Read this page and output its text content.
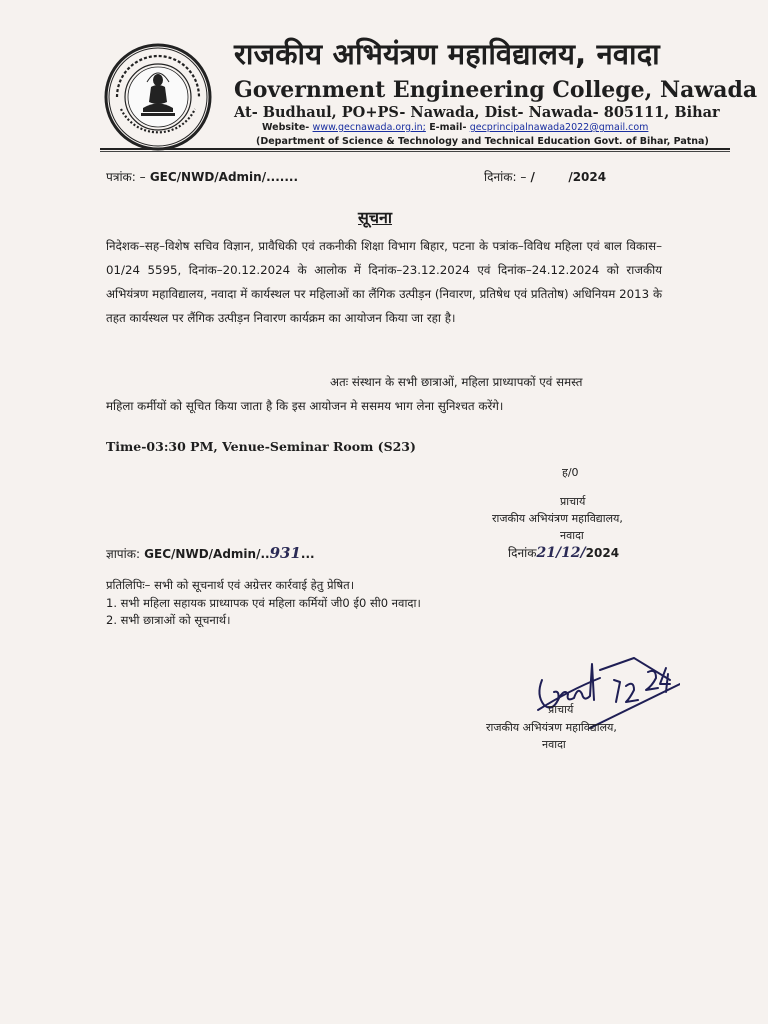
राजकीय अभियंत्रण महाविद्यालय, नवादा
Government Engineering College, Nawada
At- Budhaul, PO+PS- Nawada, Dist- Nawada- 805111, Bihar
Website- www.gecnawada.org.in; E-mail- gecprincipalnawada2022@gmail.com
(Department of Science & Technology and Technical Education Govt. of Bihar, Patna)
पत्रांक: – GEC/NWD/Admin/.......	दिनांक: – /        /2024
सूचना
निदेशक–सह–विशेष सचिव विज्ञान, प्रावैधिकी एवं तकनीकी शिक्षा विभाग बिहार, पटना के पत्रांक–विविध महिला एवं बाल विकास–01/24 5595, दिनांक–20.12.2024 के आलोक में दिनांक–23.12.2024 एवं दिनांक–24.12.2024 को राजकीय अभियंत्रण महाविद्यालय, नवादा में कार्यस्थल पर महिलाओं का लैंगिक उत्पीड़न (निवारण, प्रतिषेध एवं प्रतितोष) अधिनियम 2013 के तहत कार्यस्थल पर लैंगिक उत्पीड़न निवारण कार्यक्रम का आयोजन किया जा रहा है।
अतः संस्थान के सभी छात्राओं, महिला प्राध्यापकों एवं समस्त
महिला कर्मीयों को सूचित किया जाता है कि इस आयोजन मे ससमय भाग लेना सुनिश्चत करेंगे।
Time-03:30 PM, Venue-Seminar Room (S23)
ह/0
प्राचार्य
राजकीय अभियंत्रण महाविद्यालय,
नवादा
ज्ञापांक: GEC/NWD/Admin/..931...	दिनांक21/12/2024
प्रतिलिपिः– सभी को सूचनार्थ एवं अग्रेत्तर कार्रवाई हेतु प्रेषित।
1. सभी महिला सहायक प्राध्यापक एवं महिला कर्मियों जी0 ई0 सी0 नवादा।
2. सभी छात्राओं को सूचनार्थ।
प्राचार्य
राजकीय अभियंत्रण महाविद्यालय,
नवादा
